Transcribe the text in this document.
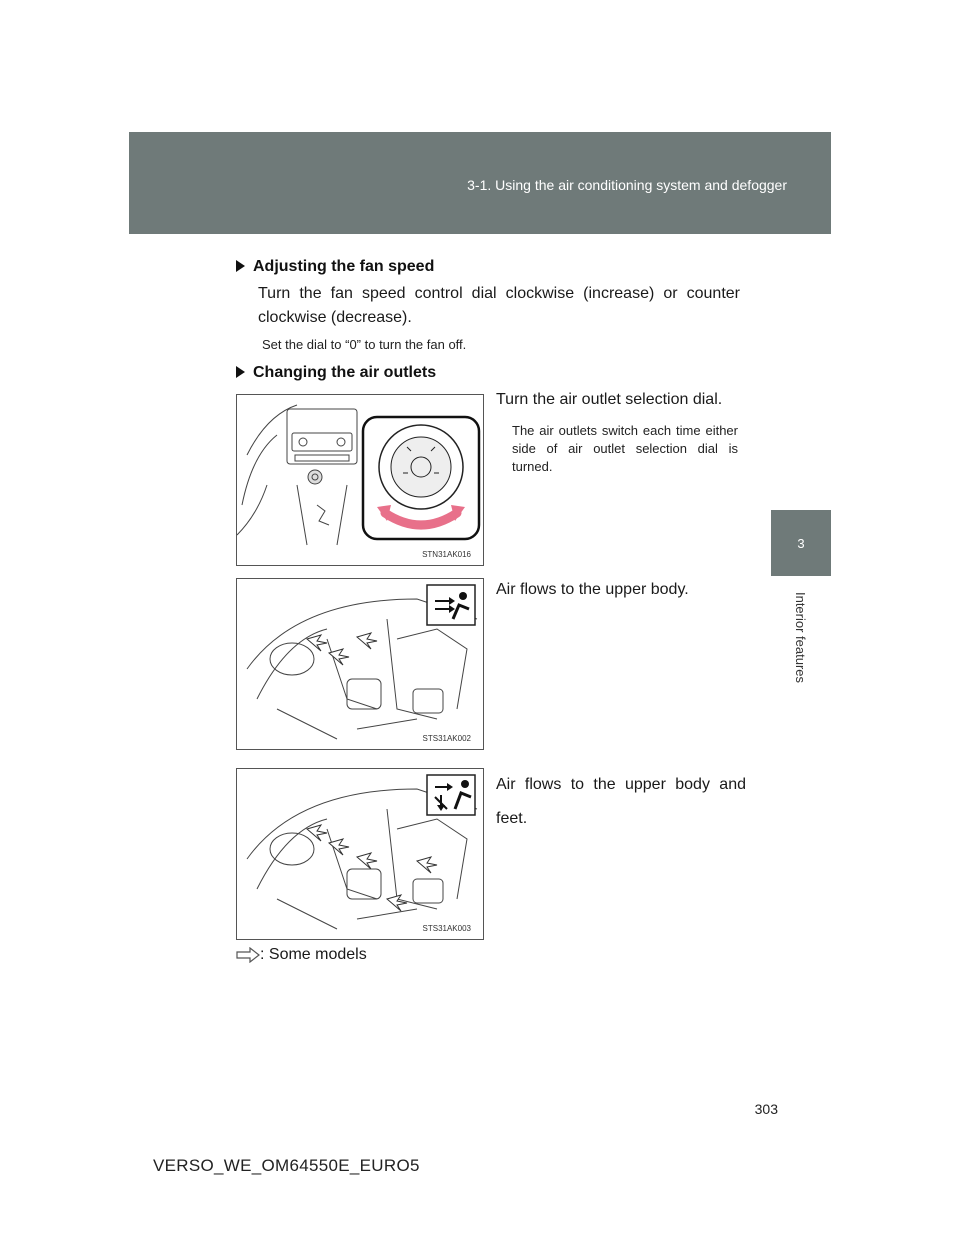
3-1. Using the air conditioning system and defogger
3
Interior features
Adjusting the fan speed
Turn the fan speed control dial clockwise (increase) or counter clockwise (decrease).
Set the dial to “0” to turn the fan off.
Changing the air outlets
STN31AK016
Turn the air outlet selection dial.
The air outlets switch each time either side of air outlet selection dial is turned.
STS31AK002
Air flows to the upper body.
STS31AK003
Air flows to the upper body and feet.
: Some models
303
VERSO_WE_OM64550E_EURO5
